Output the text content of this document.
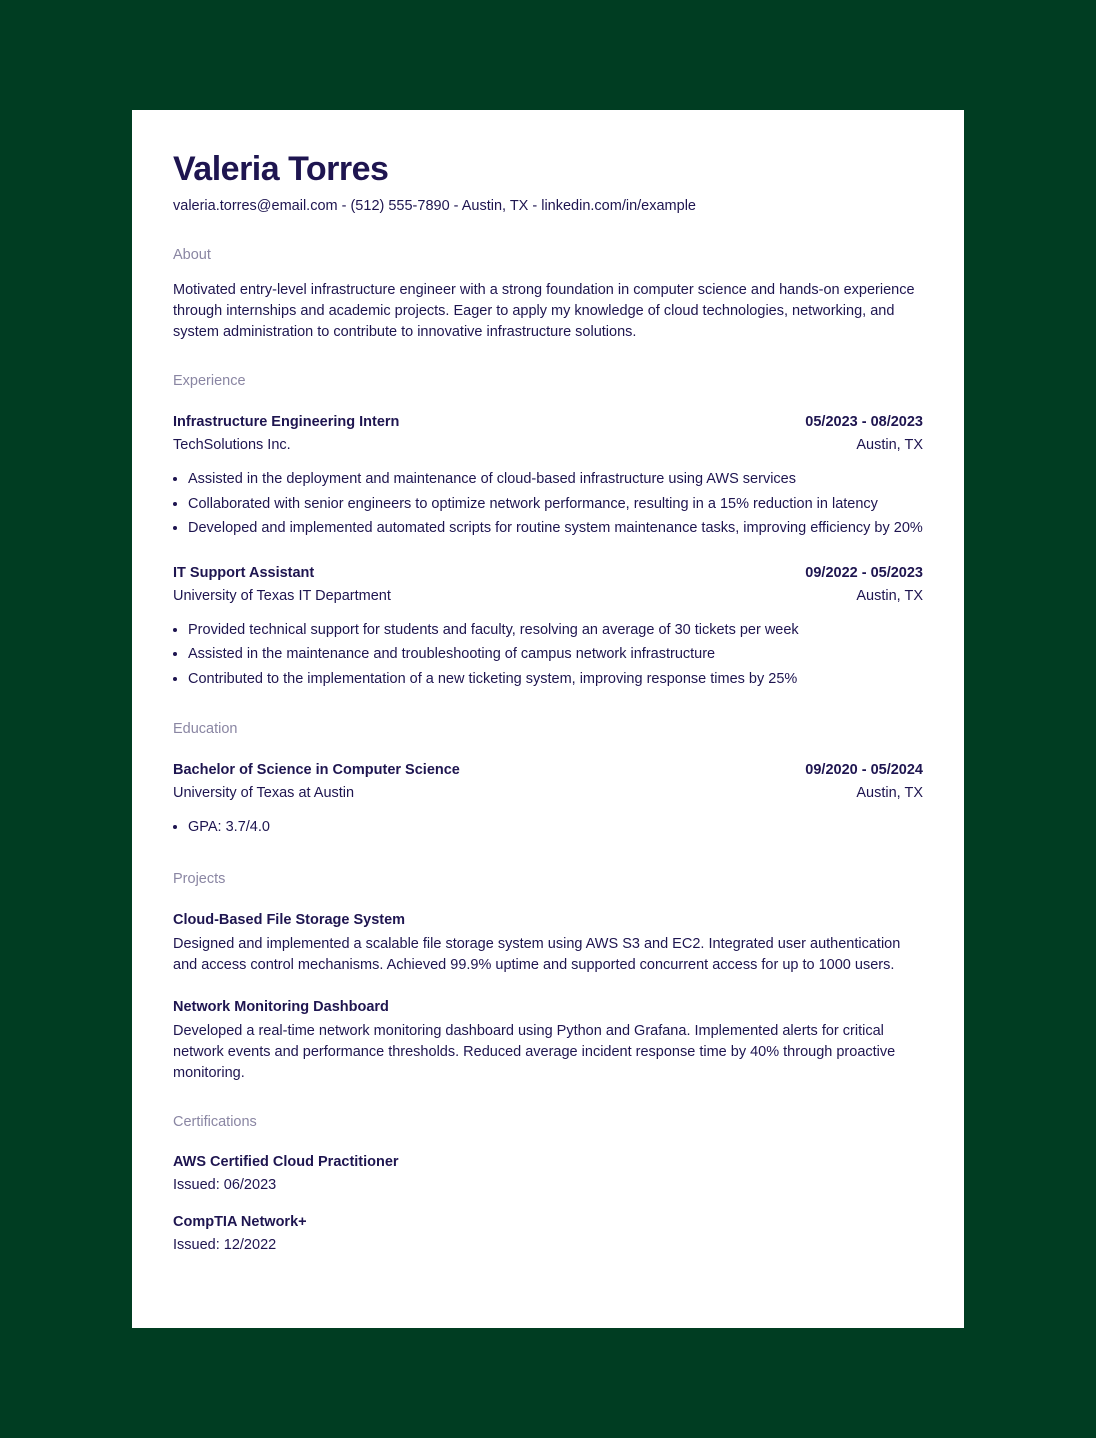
Valeria Torres
valeria.torres@email.com - (512) 555-7890 - Austin, TX - linkedin.com/in/example
About
Motivated entry-level infrastructure engineer with a strong foundation in computer science and hands-on experience through internships and academic projects. Eager to apply my knowledge of cloud technologies, networking, and system administration to contribute to innovative infrastructure solutions.
Experience
Infrastructure Engineering Intern	05/2023 - 08/2023
TechSolutions Inc.	Austin, TX
• Assisted in the deployment and maintenance of cloud-based infrastructure using AWS services
• Collaborated with senior engineers to optimize network performance, resulting in a 15% reduction in latency
• Developed and implemented automated scripts for routine system maintenance tasks, improving efficiency by 20%
IT Support Assistant	09/2022 - 05/2023
University of Texas IT Department	Austin, TX
• Provided technical support for students and faculty, resolving an average of 30 tickets per week
• Assisted in the maintenance and troubleshooting of campus network infrastructure
• Contributed to the implementation of a new ticketing system, improving response times by 25%
Education
Bachelor of Science in Computer Science	09/2020 - 05/2024
University of Texas at Austin	Austin, TX
• GPA: 3.7/4.0
Projects
Cloud-Based File Storage System
Designed and implemented a scalable file storage system using AWS S3 and EC2. Integrated user authentication and access control mechanisms. Achieved 99.9% uptime and supported concurrent access for up to 1000 users.
Network Monitoring Dashboard
Developed a real-time network monitoring dashboard using Python and Grafana. Implemented alerts for critical network events and performance thresholds. Reduced average incident response time by 40% through proactive monitoring.
Certifications
AWS Certified Cloud Practitioner
Issued: 06/2023
CompTIA Network+
Issued: 12/2022
